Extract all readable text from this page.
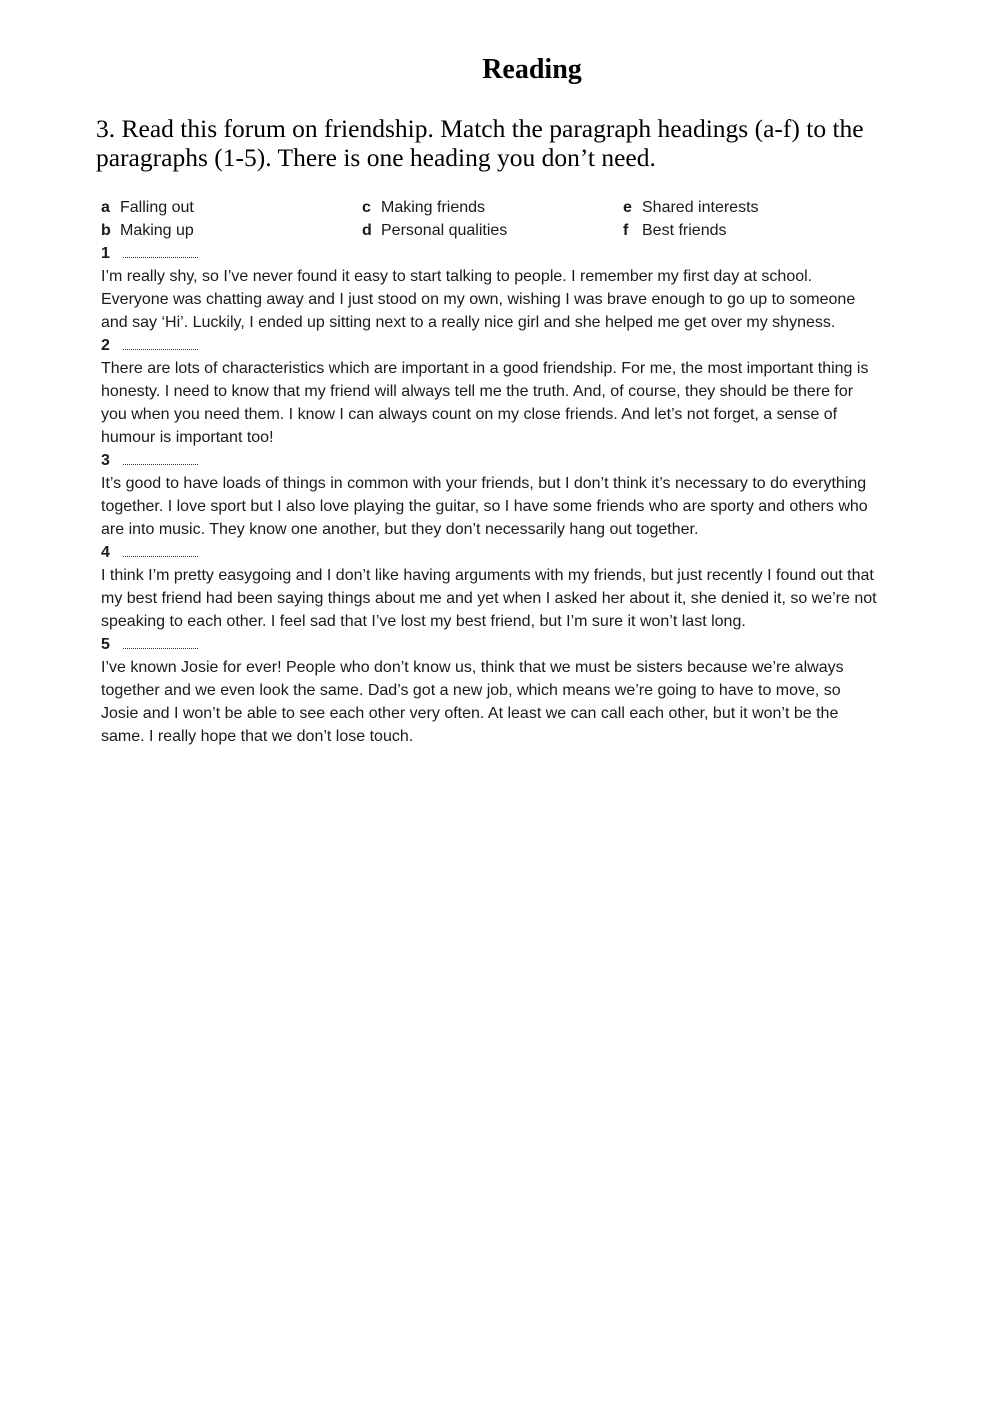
Reading
3. Read this forum on friendship. Match the paragraph headings (a-f) to the paragraphs (1-5). There is one heading you don’t need.
a Falling out	c Making friends	e Shared interests
b Making up	d Personal qualities	f Best friends
1

I’m really shy, so I’ve never found it easy to start talking to people. I remember my first day at school. Everyone was chatting away and I just stood on my own, wishing I was brave enough to go up to someone and say ‘Hi’. Luckily, I ended up sitting next to a really nice girl and she helped me get over my shyness.

2

There are lots of characteristics which are important in a good friendship. For me, the most important thing is honesty. I need to know that my friend will always tell me the truth. And, of course, they should be there for you when you need them. I know I can always count on my close friends. And let’s not forget, a sense of humour is important too!

3

It’s good to have loads of things in common with your friends, but I don’t think it’s necessary to do everything together. I love sport but I also love playing the guitar, so I have some friends who are sporty and others who are into music. They know one another, but they don’t necessarily hang out together.

4

I think I’m pretty easygoing and I don’t like having arguments with my friends, but just recently I found out that my best friend had been saying things about me and yet when I asked her about it, she denied it, so we’re not speaking to each other. I feel sad that I’ve lost my best friend, but I’m sure it won’t last long.

5

I’ve known Josie for ever! People who don’t know us, think that we must be sisters because we’re always together and we even look the same. Dad’s got a new job, which means we’re going to have to move, so Josie and I won’t be able to see each other very often. At least we can call each other, but it won’t be the same. I really hope that we don’t lose touch.
